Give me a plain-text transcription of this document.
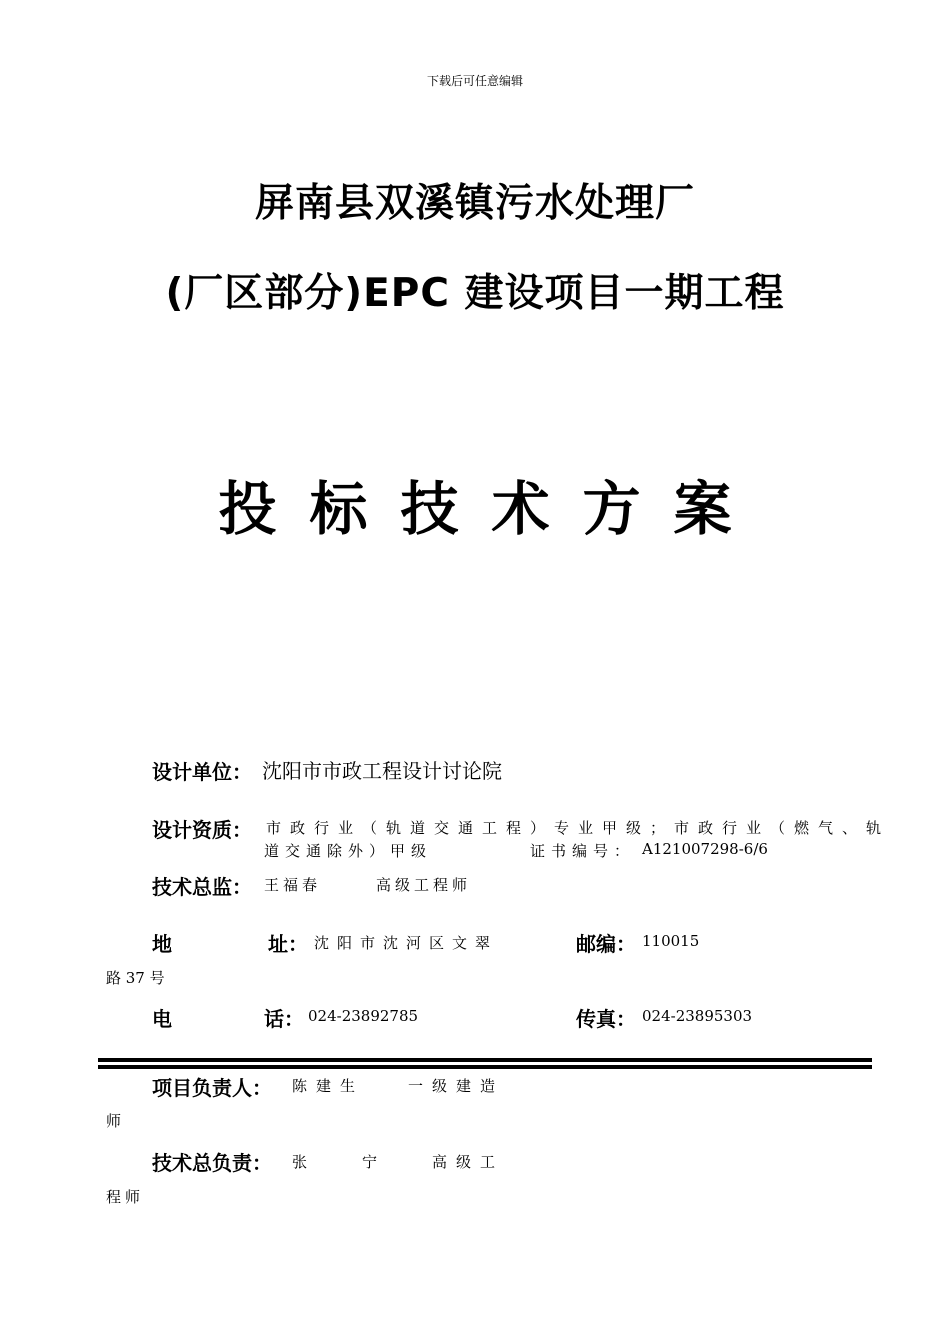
下载后可任意编辑
屏南县双溪镇污水处理厂
(厂区部分)EPC 建设项目一期工程
投标技术方案
设计单位： 沈阳市市政工程设计讨论院
设计资质： 市政行业（轨道交通工程）专业甲级；市政行业（燃气、轨
道交通除外）甲级	证书编号： A121007298-6/6
技术总监： 王福春	高级工程师
地	址： 沈阳市沈河区文翠	邮编： 110015
路 37 号
电	话： 024-23892785	传真： 024-23895303
项目负责人： 陈建生	一级建造
师
技术总负责： 张	宁	高级工
程师
